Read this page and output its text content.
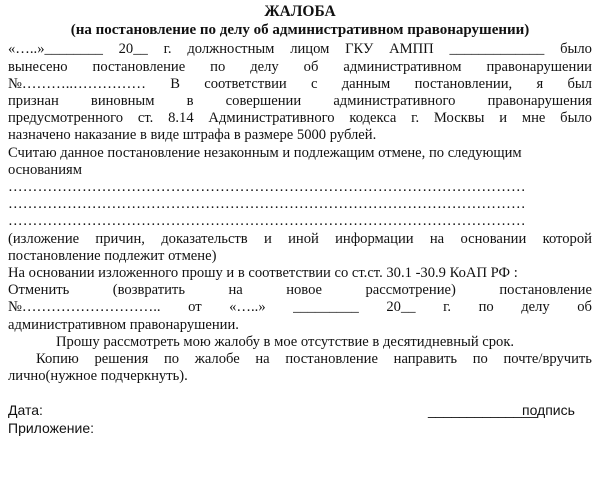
ЖАЛОБА
(на постановление по делу об административном правонарушении)
«…..»________ 20__ г. должностным лицом ГКУ АМПП _____________ было
вынесено постановление по делу об административном правонарушении
№………..…………… В соответствии с данным постановлении, я был
признан виновным в совершении административного правонарушения
предусмотренного ст. 8.14 Административного кодекса г. Москвы и мне было
назначено наказание в виде штрафа в размере 5000 рублей.
Считаю данное постановление незаконным и подлежащим отмене, по следующим
основаниям
……………………………………………………………………………………………
……………………………………………………………………………………………
……………………………………………………………………………………………
(изложение причин, доказательств и иной информации на основании которой
постановление подлежит отмене)
На основании изложенного прошу и в соответствии со ст.ст. 30.1 -30.9 КоАП РФ :
Отменить	(возвратить	на	новое	рассмотрение)	постановление
№……………………….. от «…..» _________ 20__ г. по делу об
административном правонарушении.
Прошу рассмотреть мою жалобу в мое отсутствие в десятидневный срок.
Копию решения по жалобе на постановление направить по почте/вручить
лично(нужное подчеркнуть).
Дата:	______________
подпись
Приложение:
